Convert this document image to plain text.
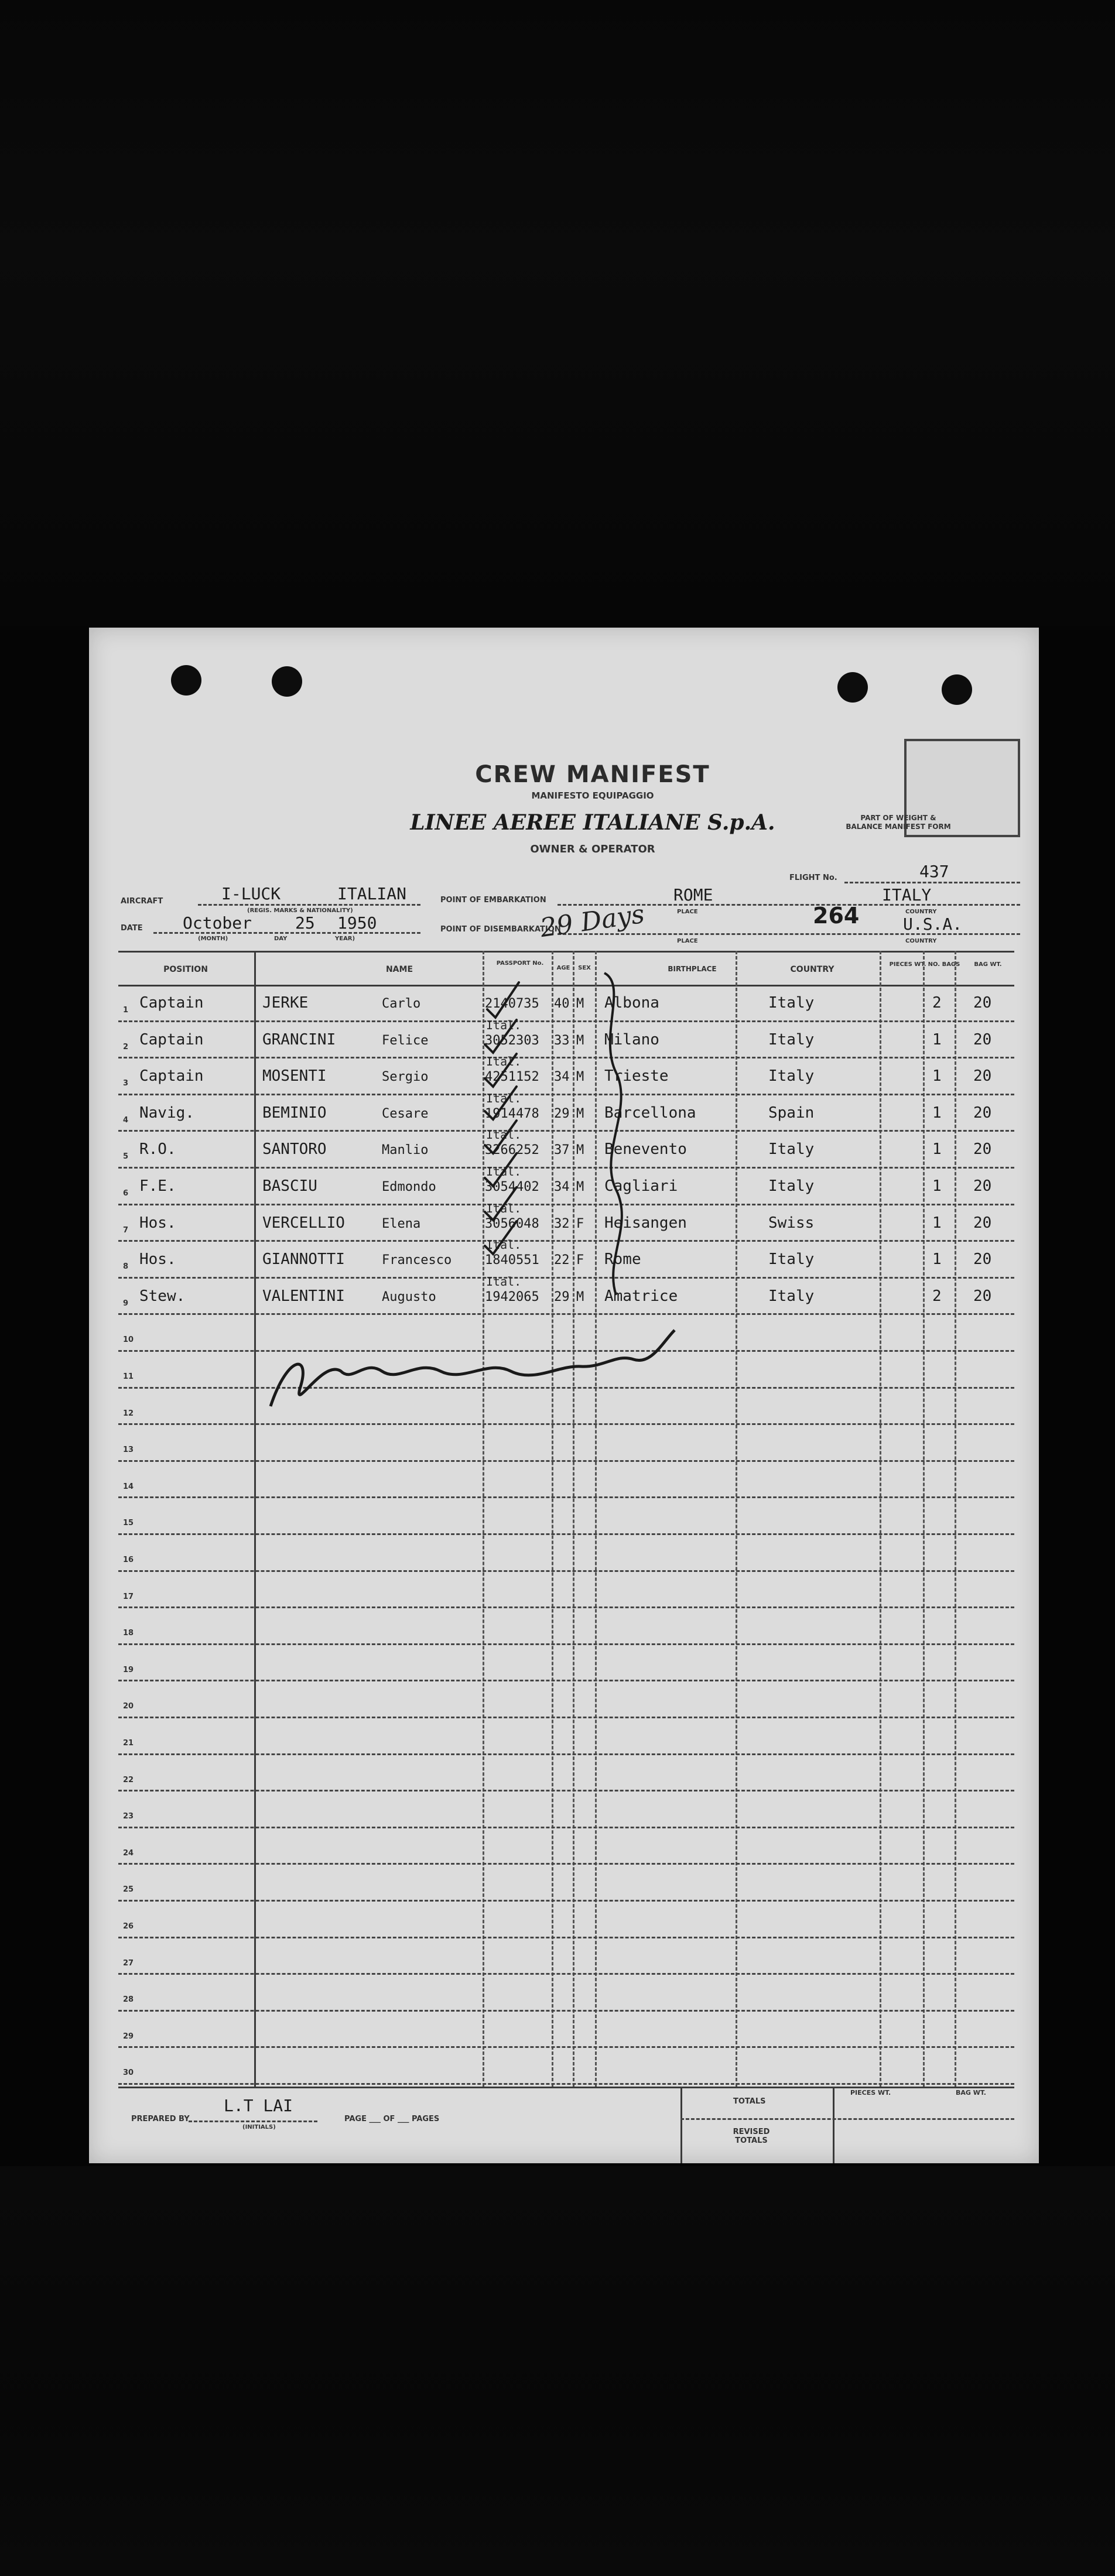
PART OF WEIGHT & BALANCE MANIFEST FORM
CREW MANIFEST
MANIFESTO EQUIPAGGIO
LINEE AEREE ITALIANE S.p.A.
OWNER & OPERATOR
FLIGHT No.	437
AIRCRAFT	I-LUCK	ITALIAN
(REGIS. MARKS & NATIONALITY)
POINT OF EMBARKATION	ROME	ITALY
PLACE	COUNTRY
DATE October	25 1950
(MONTH)	DAY	YEAR)
POINT OF DISEMBARKATION	U.S.A.
264
PLACE	COUNTRY
29 Days
POSITION	NAME
PASSPORT No.
AGE	SEX	BIRTHPLACE	COUNTRY
PIECES WT. NO. BAGS	BAG WT.
1 Captain	JERKE	Carlo	2140735 40 M Albona	Italy	2 20
2 Captain	GRANCINI	Felice	3052303 33 M Milano	Italy	1 20
Ital.
3 Captain	MOSENTI	Sergio	4251152 34 M Trieste	Italy	1 20
Ital.
4 Navig.	BEMINIO	Cesare	1914478 29 M Barcellona	Spain	1 20
Ital.
5 R.O.	SANTORO	Manlio	3266252 37 M Benevento	Italy	1 20
Ital.
6 F.E.	BASCIU	Edmondo	3054402 34 M Cagliari	Italy	1 20
Ital.
7 Hos.	VERCELLIO	Elena	3056048 32 F Heisangen	Swiss	1 20
Ital.
8 Hos.	GIANNOTTI	Francesco	1840551 22 F Rome	Italy	1 20
Ital.
9 Stew.	VALENTINI	Augusto	1942065 29 M Amatrice	Italy	2 20
Ital.
10
11
12
13
14
15
16
17
18
19
20
21
22
23
24
25
26
27
28
29
30
PREPARED BY
L.T LAI
(INITIALS)
PAGE ___ OF ___ PAGES
TOTALS
REVISED TOTALS
PIECES WT.	BAG WT.
